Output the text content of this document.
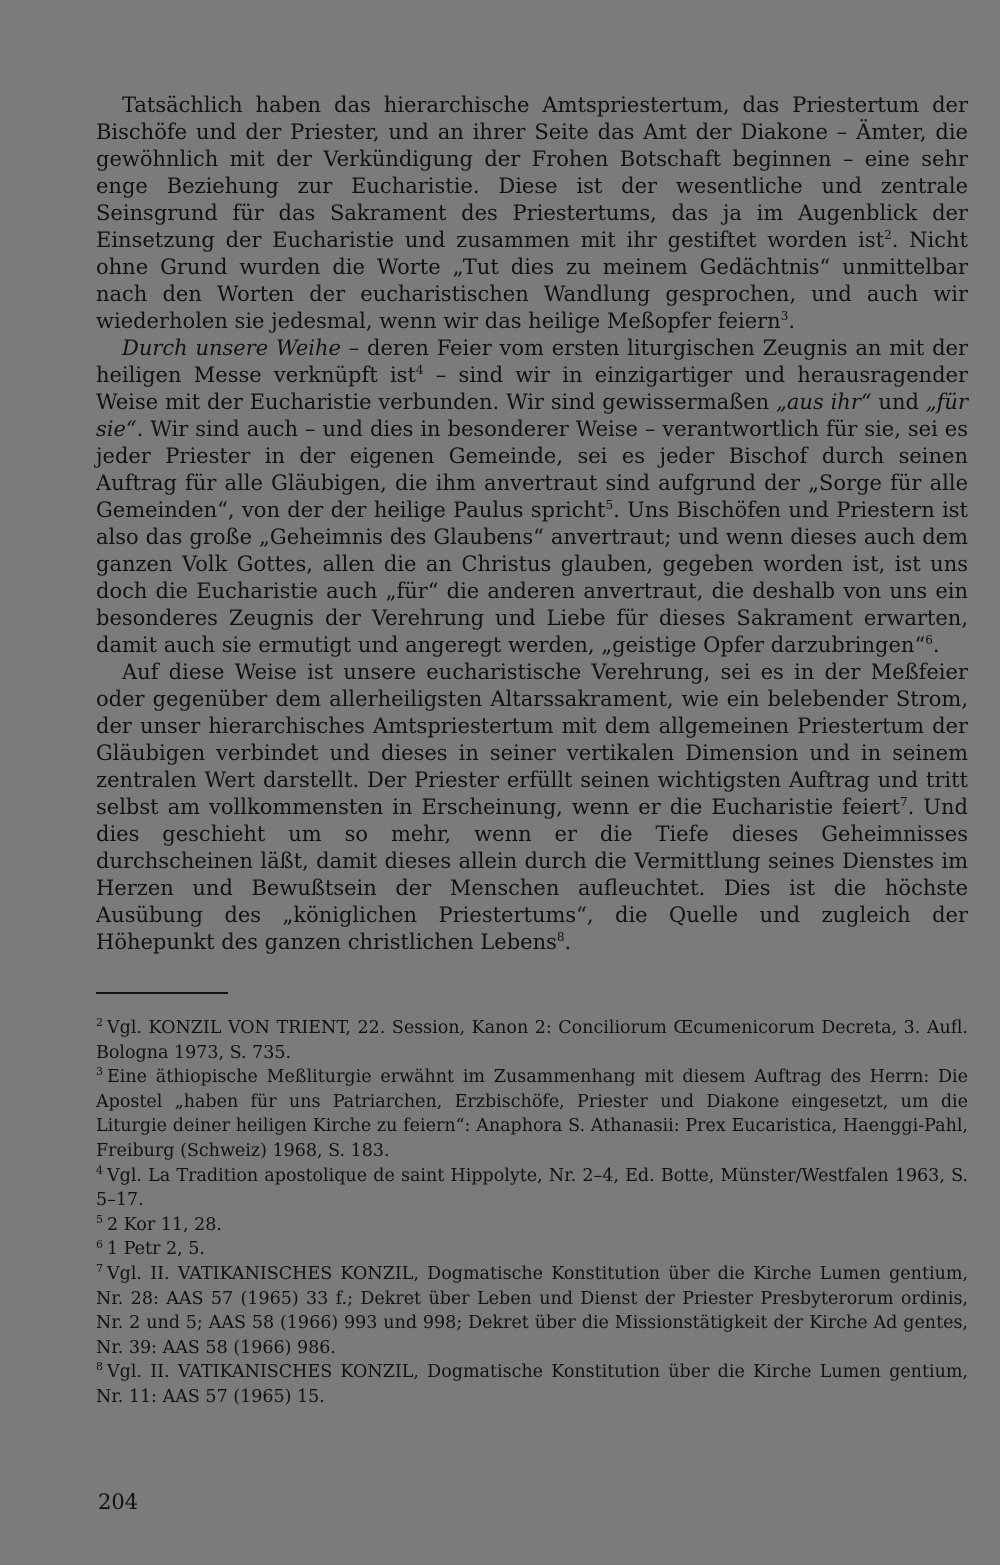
Tatsächlich haben das hierarchische Amtspriestertum, das Priestertum der Bischöfe und der Priester, und an ihrer Seite das Amt der Diakone – Ämter, die gewöhnlich mit der Verkündigung der Frohen Botschaft beginnen – eine sehr enge Beziehung zur Eucharistie. Diese ist der wesentliche und zentrale Seinsgrund für das Sakrament des Priestertums, das ja im Augenblick der Einsetzung der Eucharistie und zusammen mit ihr gestiftet worden ist$^2$. Nicht ohne Grund wurden die Worte „Tut dies zu meinem Gedächtnis“ unmittelbar nach den Worten der eucharistischen Wandlung gesprochen, und auch wir wiederholen sie jedesmal, wenn wir das heilige Meßopfer feiern$^3$.

Durch unsere Weihe – deren Feier vom ersten liturgischen Zeugnis an mit der heiligen Messe verknüpft ist$^4$ – sind wir in einzigartiger und herausragender Weise mit der Eucharistie verbunden. Wir sind gewissermaßen „aus ihr“ und „für sie“. Wir sind auch – und dies in besonderer Weise – verantwortlich für sie, sei es jeder Priester in der eigenen Gemeinde, sei es jeder Bischof durch seinen Auftrag für alle Gläubigen, die ihm anvertraut sind aufgrund der „Sorge für alle Gemeinden“, von der der heilige Paulus spricht$^5$. Uns Bischöfen und Priestern ist also das große „Geheimnis des Glaubens“ anvertraut; und wenn dieses auch dem ganzen Volk Gottes, allen die an Christus glauben, gegeben worden ist, ist uns doch die Eucharistie auch „für“ die anderen anvertraut, die deshalb von uns ein besonderes Zeugnis der Verehrung und Liebe für dieses Sakrament erwarten, damit auch sie ermutigt und angeregt werden, „geistige Opfer darzubringen“$^6$.

Auf diese Weise ist unsere eucharistische Verehrung, sei es in der Meßfeier oder gegenüber dem allerheiligsten Altarssakrament, wie ein belebender Strom, der unser hierarchisches Amtspriestertum mit dem allgemeinen Priestertum der Gläubigen verbindet und dieses in seiner vertikalen Dimension und in seinem zentralen Wert darstellt. Der Priester erfüllt seinen wichtigsten Auftrag und tritt selbst am vollkommensten in Erscheinung, wenn er die Eucharistie feiert$^7$. Und dies geschieht um so mehr, wenn er die Tiefe dieses Geheimnisses durchscheinen läßt, damit dieses allein durch die Vermittlung seines Dienstes im Herzen und Bewußtsein der Menschen aufleuchtet. Dies ist die höchste Ausübung des „königlichen Priestertums“, die Quelle und zugleich der Höhepunkt des ganzen christlichen Lebens$^8$.

$^2$ Vgl. KONZIL VON TRIENT, 22. Session, Kanon 2: Conciliorum Œcumenicorum Decreta, 3. Aufl. Bologna 1973, S. 735.

$^3$ Eine äthiopische Meßliturgie erwähnt im Zusammenhang mit diesem Auftrag des Herrn: Die Apostel „haben für uns Patriarchen, Erzbischöfe, Priester und Diakone eingesetzt, um die Liturgie deiner heiligen Kirche zu feiern“: Anaphora S. Athanasii: Prex Eucaristica, Haenggi-Pahl, Freiburg (Schweiz) 1968, S. 183.

$^4$ Vgl. La Tradition apostolique de saint Hippolyte, Nr. 2–4, Ed. Botte, Münster/Westfalen 1963, S. 5–17.

$^5$ 2 Kor 11, 28.

$^6$ 1 Petr 2, 5.

$^7$ Vgl. II. VATIKANISCHES KONZIL, Dogmatische Konstitution über die Kirche Lumen gentium, Nr. 28: AAS 57 (1965) 33 f.; Dekret über Leben und Dienst der Priester Presbyterorum ordinis, Nr. 2 und 5; AAS 58 (1966) 993 und 998; Dekret über die Missionstätigkeit der Kirche Ad gentes, Nr. 39: AAS 58 (1966) 986.

$^8$ Vgl. II. VATIKANISCHES KONZIL, Dogmatische Konstitution über die Kirche Lumen gentium, Nr. 11: AAS 57 (1965) 15.

204
